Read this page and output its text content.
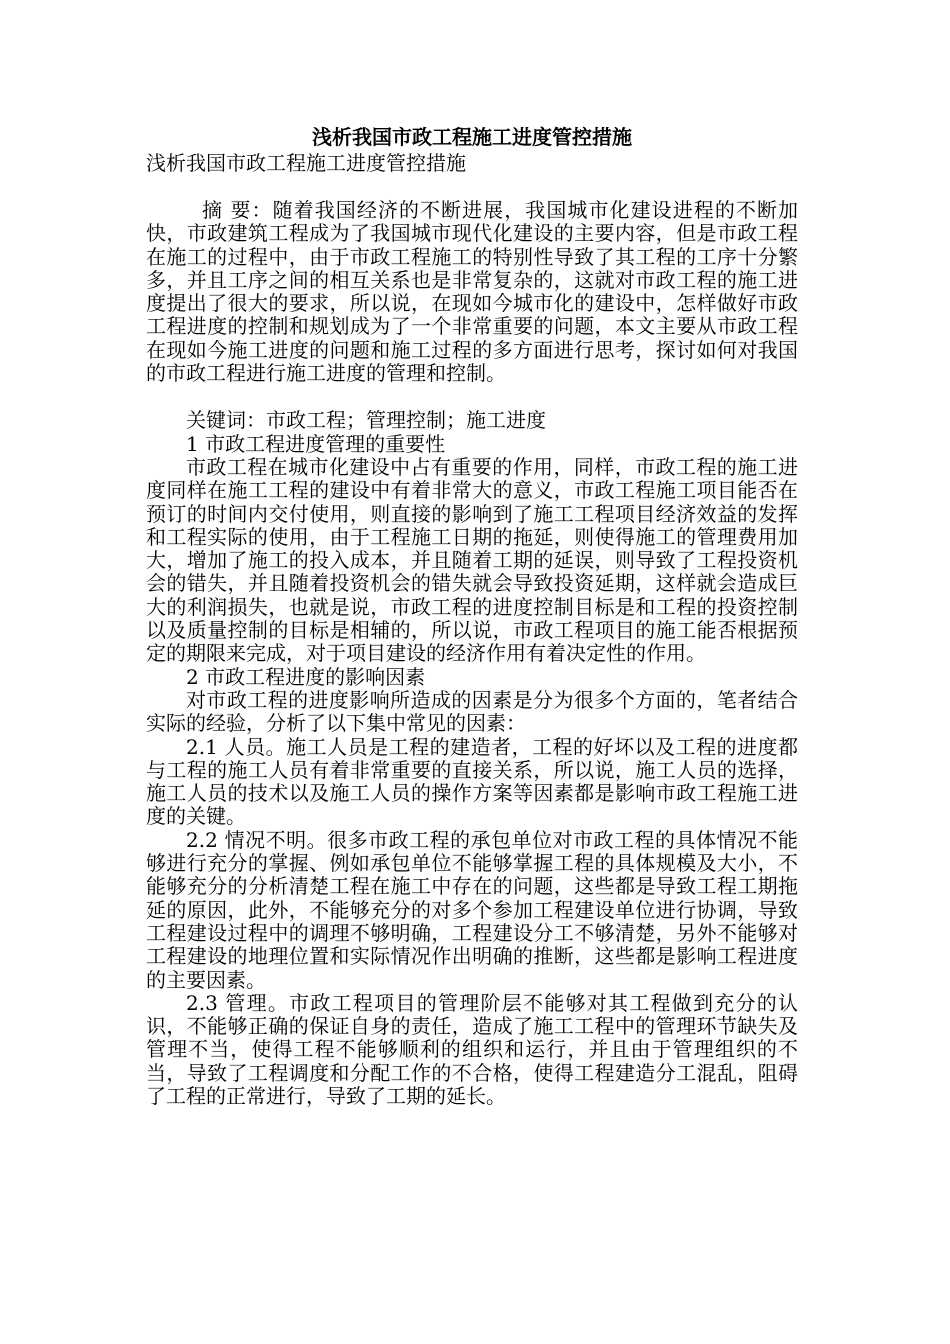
浅析我国市政工程施工进度管控措施

浅析我国市政工程施工进度管控措施

摘 要：随着我国经济的不断进展，我国城市化建设进程的不断加快，市政建筑工程成为了我国城市现代化建设的主要内容，但是市政工程在施工的过程中，由于市政工程施工的特别性导致了其工程的工序十分繁多，并且工序之间的相互关系也是非常复杂的，这就对市政工程的施工进度提出了很大的要求，所以说，在现如今城市化的建设中，怎样做好市政工程进度的控制和规划成为了一个非常重要的问题，本文主要从市政工程在现如今施工进度的问题和施工过程的多方面进行思考，探讨如何对我国的市政工程进行施工进度的管理和控制。

关键词：市政工程；管理控制；施工进度

1 市政工程进度管理的重要性

市政工程在城市化建设中占有重要的作用，同样，市政工程的施工进度同样在施工工程的建设中有着非常大的意义，市政工程施工项目能否在预订的时间内交付使用，则直接的影响到了施工工程项目经济效益的发挥和工程实际的使用，由于工程施工日期的拖延，则使得施工的管理费用加大，增加了施工的投入成本，并且随着工期的延误，则导致了工程投资机会的错失，并且随着投资机会的错失就会导致投资延期，这样就会造成巨大的利润损失，也就是说，市政工程的进度控制目标是和工程的投资控制以及质量控制的目标是相辅的，所以说，市政工程项目的施工能否根据预定的期限来完成，对于项目建设的经济作用有着决定性的作用。

2 市政工程进度的影响因素

对市政工程的进度影响所造成的因素是分为很多个方面的，笔者结合实际的经验，分析了以下集中常见的因素：

2.1 人员。施工人员是工程的建造者，工程的好坏以及工程的进度都与工程的施工人员有着非常重要的直接关系，所以说，施工人员的选择，施工人员的技术以及施工人员的操作方案等因素都是影响市政工程施工进度的关键。

2.2 情况不明。很多市政工程的承包单位对市政工程的具体情况不能够进行充分的掌握、例如承包单位不能够掌握工程的具体规模及大小，不能够充分的分析清楚工程在施工中存在的问题，这些都是导致工程工期拖延的原因，此外，不能够充分的对多个参加工程建设单位进行协调，导致工程建设过程中的调理不够明确，工程建设分工不够清楚，另外不能够对工程建设的地理位置和实际情况作出明确的推断，这些都是影响工程进度的主要因素。

2.3 管理。市政工程项目的管理阶层不能够对其工程做到充分的认识，不能够正确的保证自身的责任，造成了施工工程中的管理环节缺失及管理不当，使得工程不能够顺利的组织和运行，并且由于管理组织的不当，导致了工程调度和分配工作的不合格，使得工程建造分工混乱，阻碍了工程的正常进行，导致了工期的延长。
